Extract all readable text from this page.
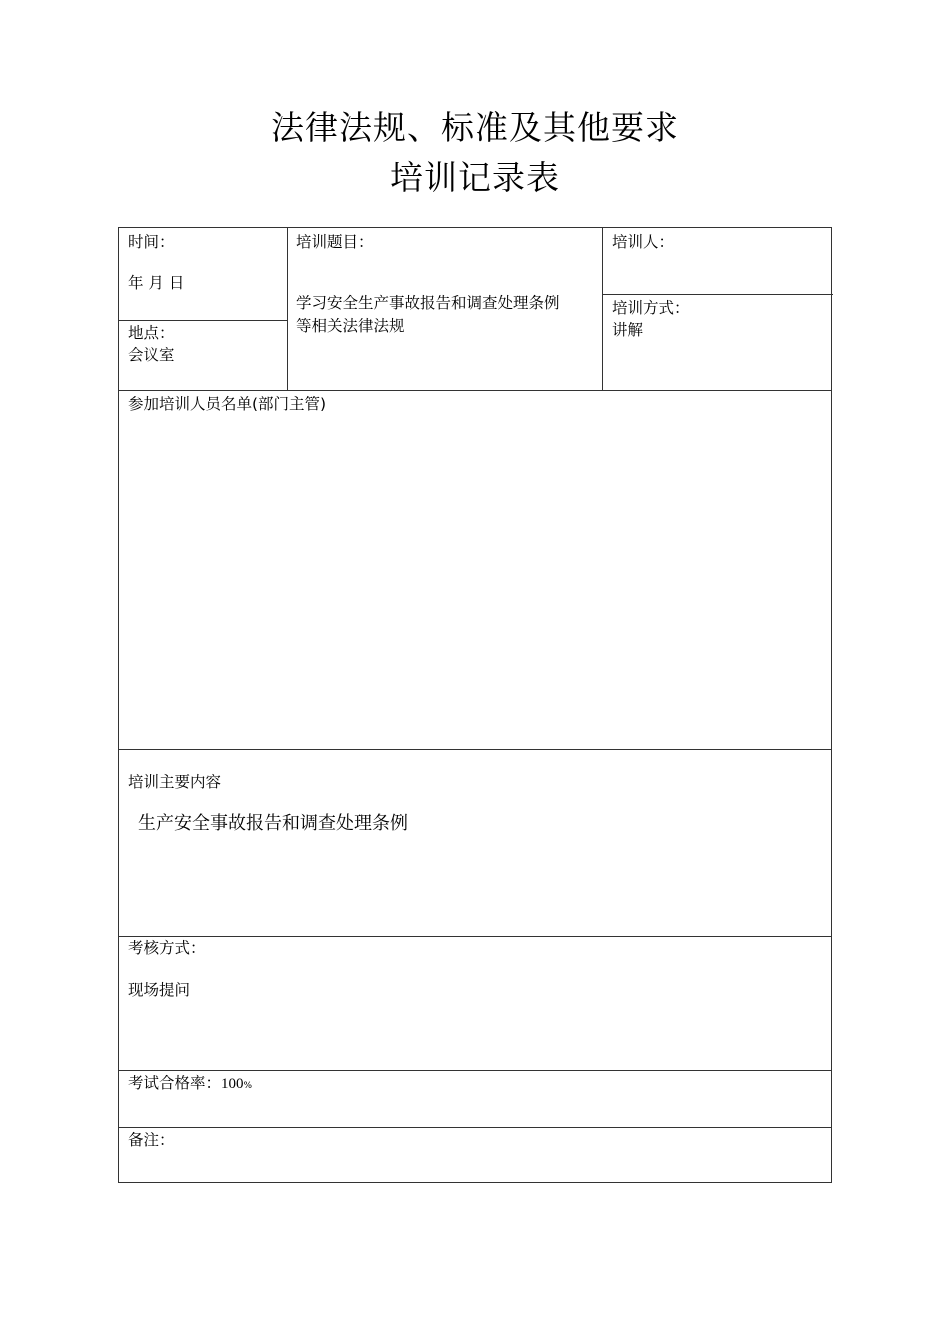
法律法规、标准及其他要求
培训记录表
时间：
年 月 日
地点：
会议室
培训题目：
学习安全生产事故报告和调查处理条例
等相关法律法规
培训人：
培训方式：
讲解
参加培训人员名单(部门主管)
培训主要内容
生产安全事故报告和调查处理条例
考核方式：
现场提问
考试合格率：100%
备注：
